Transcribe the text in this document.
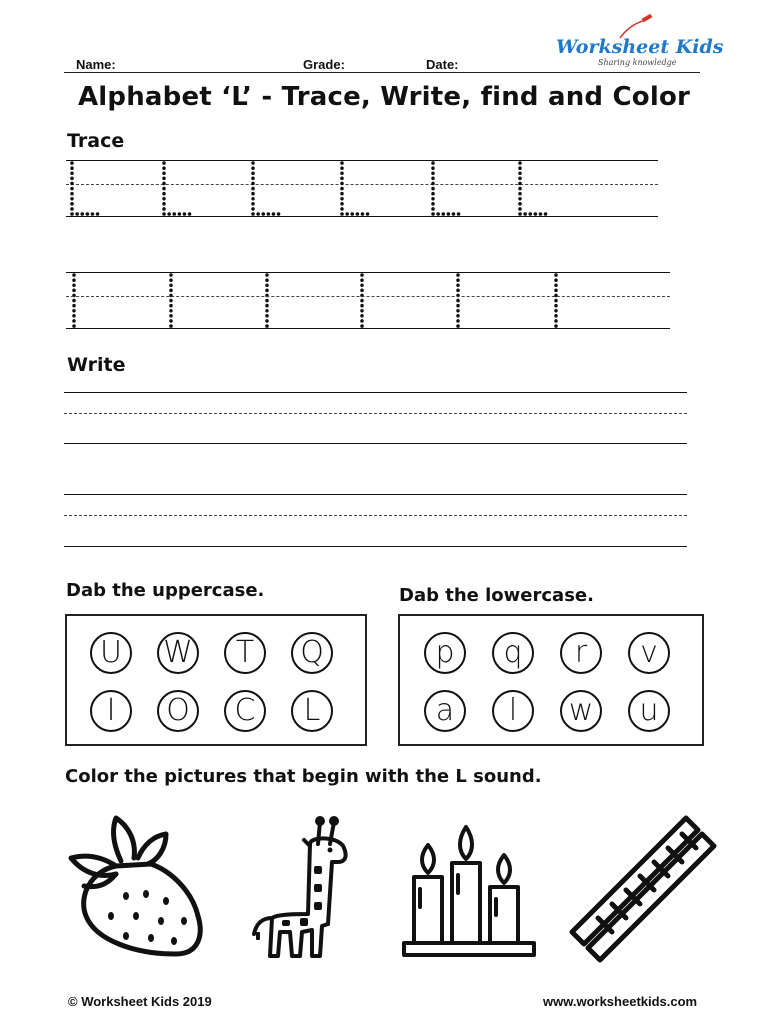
Name:	Grade:	Date:
Worksheet Kids
Sharing knowledge
Alphabet ‘L’ - Trace, Write, find and Color
Trace
Write
Dab the uppercase.
U	W	T	Q
I	O	C	L
Dab the lowercase.
p	q	r	v
a	l	w	u
Color the pictures that begin with the L sound.
© Worksheet Kids 2019	www.worksheetkids.com
